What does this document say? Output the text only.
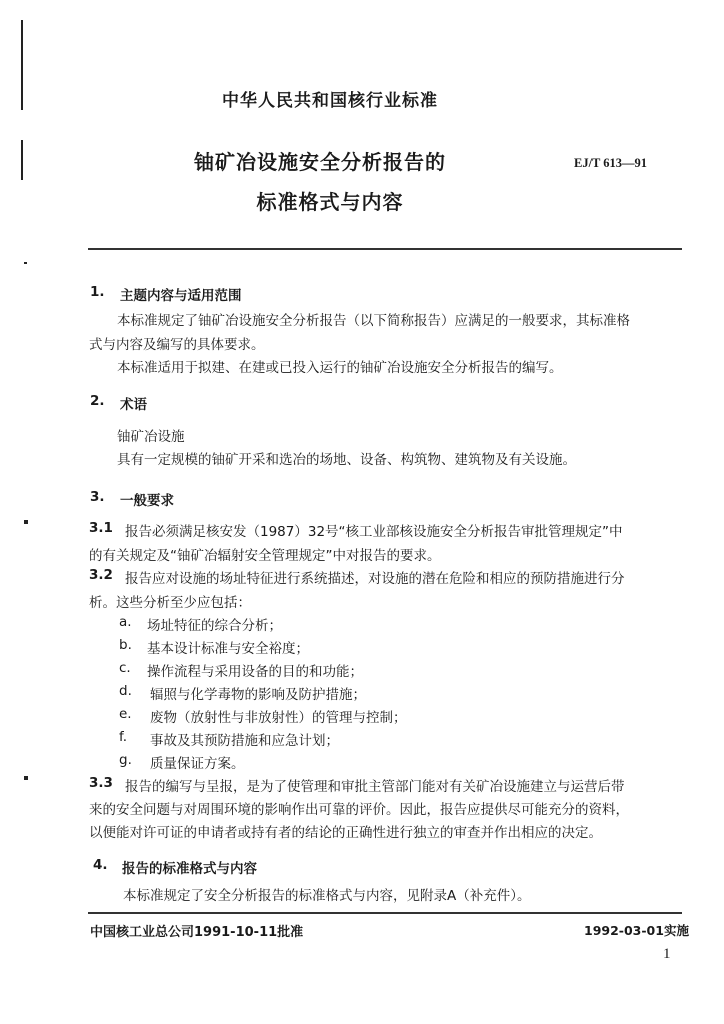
中华人民共和国核行业标准
铀矿冶设施安全分析报告的
标准格式与内容
EJ/T 613—91
1. 主题内容与适用范围
本标准规定了铀矿冶设施安全分析报告（以下简称报告）应满足的一般要求，其标准格
式与内容及编写的具体要求。
本标准适用于拟建、在建或已投入运行的铀矿冶设施安全分析报告的编写。
2. 术语
铀矿冶设施
具有一定规模的铀矿开采和选冶的场地、设备、构筑物、建筑物及有关设施。
3. 一般要求
3.1 报告必须满足核安发（1987）32号“核工业部核设施安全分析报告审批管理规定”中
的有关规定及“铀矿冶辐射安全管理规定”中对报告的要求。
3.2 报告应对设施的场址特征进行系统描述，对设施的潜在危险和相应的预防措施进行分
析。这些分析至少应包括：
a. 场址特征的综合分析；
b. 基本设计标准与安全裕度；
c. 操作流程与采用设备的目的和功能；
d. 辐照与化学毒物的影响及防护措施；
e. 废物（放射性与非放射性）的管理与控制；
f. 事故及其预防措施和应急计划；
g. 质量保证方案。
3.3 报告的编写与呈报，是为了使管理和审批主管部门能对有关矿冶设施建立与运营后带
来的安全问题与对周围环境的影响作出可靠的评价。因此，报告应提供尽可能充分的资料，
以便能对许可证的申请者或持有者的结论的正确性进行独立的审查并作出相应的决定。
4. 报告的标准格式与内容
本标准规定了安全分析报告的标准格式与内容，见附录A（补充件）。
中国核工业总公司1991-10-11批准	1992-03-01实施
1
